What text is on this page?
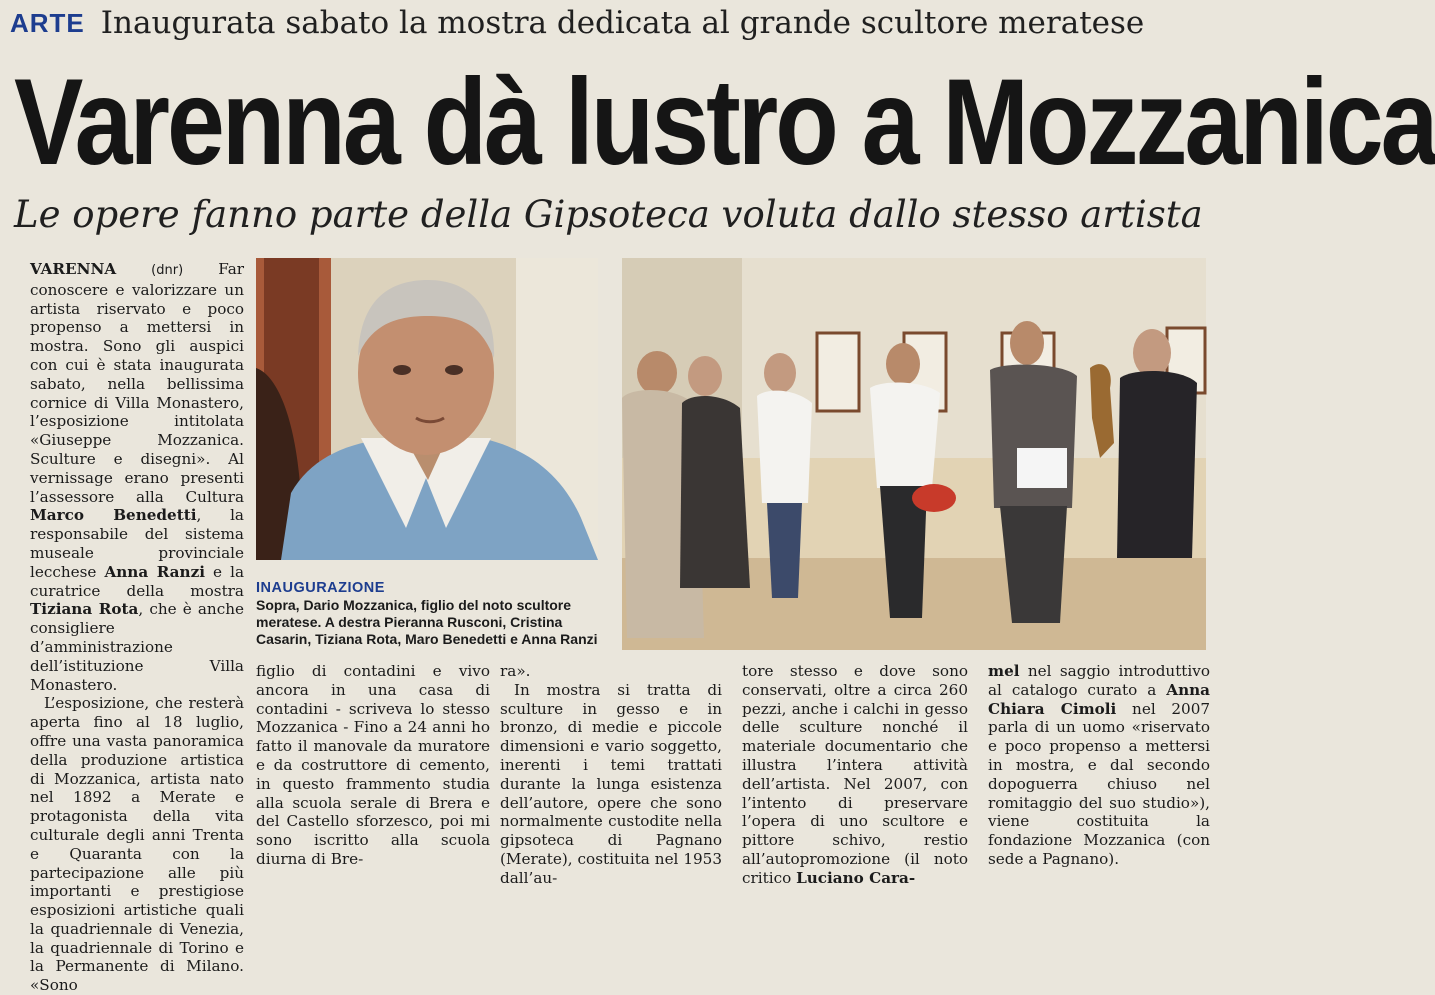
ARTE Inaugurata sabato la mostra dedicata al grande scultore meratese
Varenna dà lustro a Mozzanica
Le opere fanno parte della Gipsoteca voluta dallo stesso artista

VARENNA	(dnr) Far conoscere e valorizzare un artista riservato e poco propenso a mettersi in mostra. Sono gli auspici con cui è stata inaugurata sabato, nella bellissima cornice di Villa Monastero, l’esposizione intitolata «Giuseppe Mozzanica. Sculture e disegni». Al vernissage erano presenti l’assessore alla Cultura Marco Benedetti, la responsabile del sistema museale provinciale lecchese Anna Ranzi e la curatrice della mostra Tiziana Rota, che è anche consigliere d’amministrazione dell’istituzione Villa Monastero.

L’esposizione, che resterà aperta fino al 18 luglio, offre una vasta panoramica della produzione artistica di Mozzanica, artista nato nel 1892 a Merate e protagonista della vita culturale degli anni Trenta e Quaranta con la partecipazione alle più importanti e prestigiose esposizioni artistiche quali la quadriennale di Venezia, la quadriennale di Torino e la Permanente di Milano. «Sono

INAUGURAZIONE
Sopra, Dario Mozzanica, figlio del noto scultore meratese. A destra Pieranna Rusconi, Cristina Casarin, Tiziana Rota, Maro Benedetti e Anna Ranzi

figlio di contadini e vivo ancora in una casa di contadini - scriveva lo stesso Mozzanica - Fino a 24 anni ho fatto il manovale da muratore e da costruttore di cemento, in questo frammento studia alla scuola serale di Brera e del Castello sforzesco, poi mi sono iscritto alla scuola diurna di Bre-

ra».

In mostra si tratta di sculture in gesso e in bronzo, di medie e piccole dimensioni e vario soggetto, inerenti i temi trattati durante la lunga esistenza dell’autore, opere che sono normalmente custodite nella gipsoteca di Pagnano (Merate), costituita nel 1953 dall’au-

tore stesso e dove sono conservati, oltre a circa 260 pezzi, anche i calchi in gesso delle sculture nonché il materiale documentario che illustra l’intera attività dell’artista. Nel 2007, con l’intento di preservare l’opera di uno scultore e pittore schivo, restio all’autopromozione (il noto critico Luciano Cara-

mel nel saggio introduttivo al catalogo curato a Anna Chiara Cimoli nel 2007 parla di un uomo «riservato e poco propenso a mettersi in mostra, e dal secondo dopoguerra chiuso nel romitaggio del suo studio»), viene costituita la fondazione Mozzanica (con sede a Pagnano).
